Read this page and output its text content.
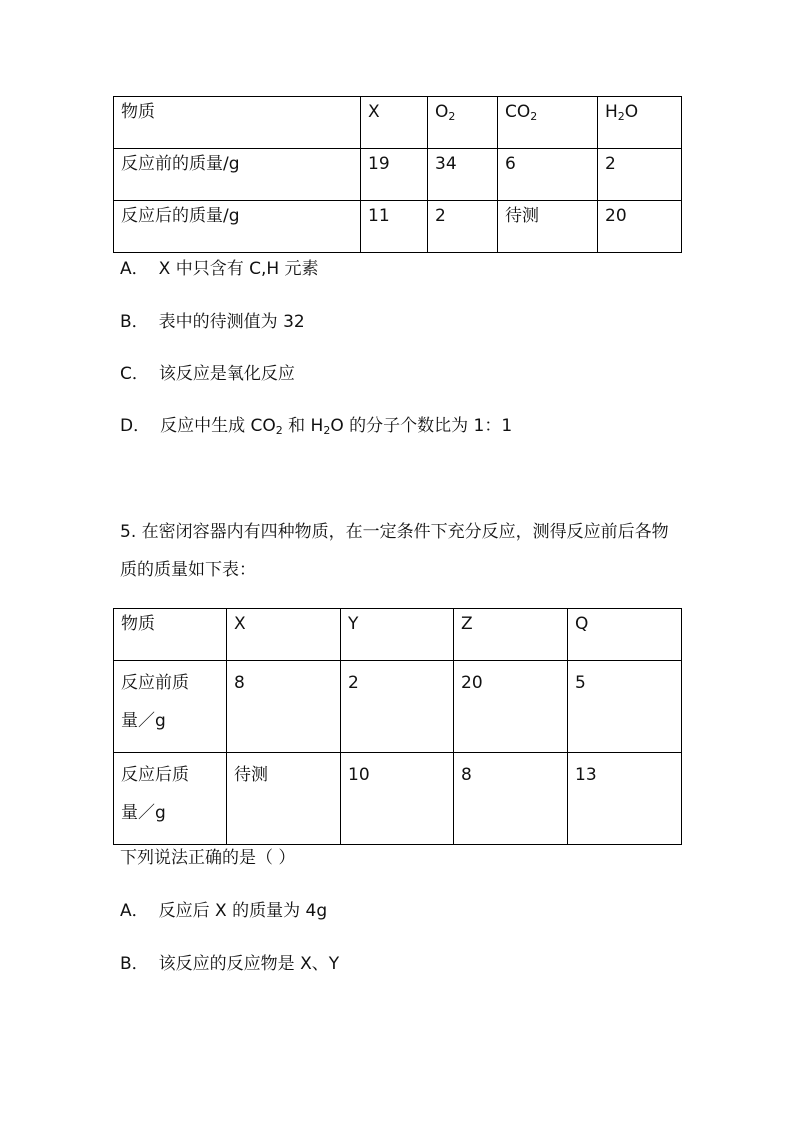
物质	X	$O_2$	$CO_2$	$H_2O$
反应前的质量/g	19	34	6	2
反应后的质量/g	11	2	待测	20
A． X 中只含有 C,H 元素
B． 表中的待测值为 32
C． 该反应是氧化反应
D． 反应中生成 $CO_2$ 和 $H_2O$ 的分子个数比为 1：1
5. 在密闭容器内有四种物质，在一定条件下充分反应，测得反应前后各物质的质量如下表：
物质	X	Y	Z	Q
反应前质
量／g	8	2	20	5
反应后质
量／g	待测	10	8	13
下列说法正确的是（ ）
A． 反应后 X 的质量为 4g
B． 该反应的反应物是 X、Y
